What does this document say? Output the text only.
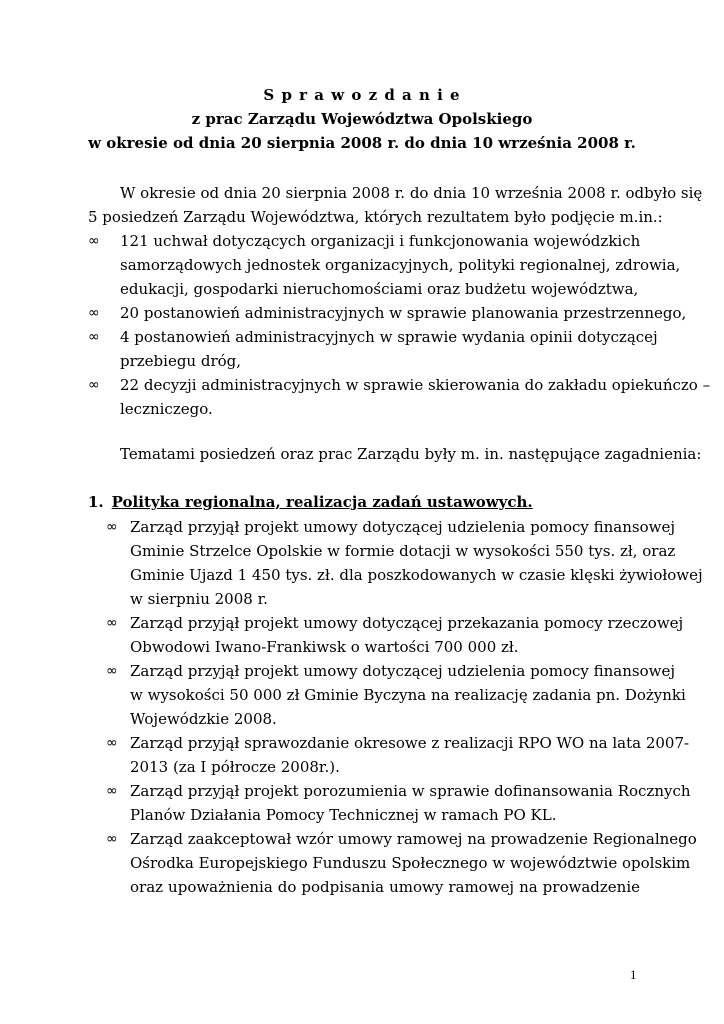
S p r a w o z d a n i e
z prac Zarządu Województwa Opolskiego
w okresie od dnia 20 sierpnia 2008 r. do dnia 10 września 2008 r.
W okresie od dnia 20 sierpnia 2008 r. do dnia 10 września 2008 r. odbyło się
5 posiedzeń Zarządu Województwa, których rezultatem było podjęcie m.in.:
∞ 121 uchwał dotyczących organizacji i funkcjonowania wojewódzkich
samorządowych jednostek organizacyjnych, polityki regionalnej, zdrowia,
edukacji, gospodarki nieruchomościami oraz budżetu województwa,
∞ 20 postanowień administracyjnych w sprawie planowania przestrzennego,
∞ 4 postanowień administracyjnych w sprawie wydania opinii dotyczącej
przebiegu dróg,
∞ 22 decyzji administracyjnych w sprawie skierowania do zakładu opiekuńczo –
leczniczego.
Tematami posiedzeń oraz prac Zarządu były m. in. następujące zagadnienia:
1. Polityka regionalna, realizacja zadań ustawowych.
∞ Zarząd przyjął projekt umowy dotyczącej udzielenia pomocy finansowej
Gminie Strzelce Opolskie w formie dotacji w wysokości 550 tys. zł, oraz
Gminie Ujazd 1 450 tys. zł. dla poszkodowanych w czasie klęski żywiołowej
w sierpniu 2008 r.
∞ Zarząd przyjął projekt umowy dotyczącej przekazania pomocy rzeczowej
Obwodowi Iwano-Frankiwsk o wartości 700 000 zł.
∞ Zarząd przyjął projekt umowy dotyczącej udzielenia pomocy finansowej
w wysokości 50 000 zł Gminie Byczyna na realizację zadania pn. Dożynki
Wojewódzkie 2008.
∞ Zarząd przyjął sprawozdanie okresowe z realizacji RPO WO na lata 2007-
2013 (za I półrocze 2008r.).
∞ Zarząd przyjął projekt porozumienia w sprawie dofinansowania Rocznych
Planów Działania Pomocy Technicznej w ramach PO KL.
∞ Zarząd zaakceptował wzór umowy ramowej na prowadzenie Regionalnego
Ośrodka Europejskiego Funduszu Społecznego w województwie opolskim
oraz upoważnienia do podpisania umowy ramowej na prowadzenie
1
